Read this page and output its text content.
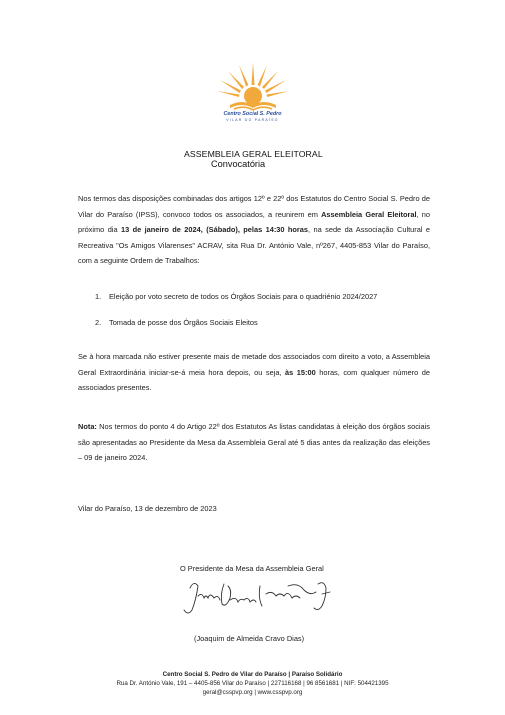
Centro Social S. Pedro
VILAR DO PARAÍSO
ASSEMBLEIA GERAL ELEITORAL
Convocatória
Nos termos das disposições combinadas dos artigos 12º e 22º dos Estatutos do Centro Social S. Pedro de Vilar do Paraíso (IPSS), convoco todos os associados, a reunirem em Assembleia Geral Eleitoral, no próximo dia 13 de janeiro de 2024, (Sábado), pelas 14:30 horas, na sede da Associação Cultural e Recreativa "Os Amigos Vilarenses" ACRAV, sita Rua Dr. António Vale, nº267, 4405-853 Vilar do Paraíso, com a seguinte Ordem de Trabalhos:
1. Eleição por voto secreto de todos os Órgãos Sociais para o quadriénio 2024/2027
2. Tomada de posse dos Órgãos Sociais Eleitos
Se à hora marcada não estiver presente mais de metade dos associados com direito a voto, a Assembleia Geral Extraordinária iniciar-se-á meia hora depois, ou seja, às 15:00 horas, com qualquer número de associados presentes.
Nota: Nos termos do ponto 4 do Artigo 22º dos Estatutos As listas candidatas à eleição dos órgãos sociais são apresentadas ao Presidente da Mesa da Assembleia Geral até 5 dias antes da realização das eleições – 09 de janeiro 2024.
Vilar do Paraíso, 13 de dezembro de 2023
O Presidente da Mesa da Assembleia Geral
(Joaquim de Almeida Cravo Dias)
Centro Social S. Pedro de Vilar do Paraíso | Paraíso Solidário
Rua Dr. António Vale, 191 – 4405-856 Vilar do Paraíso | 227116168 | 96 8561681 | NIF: 504421395
geral@csspvp.org | www.csspvp.org
